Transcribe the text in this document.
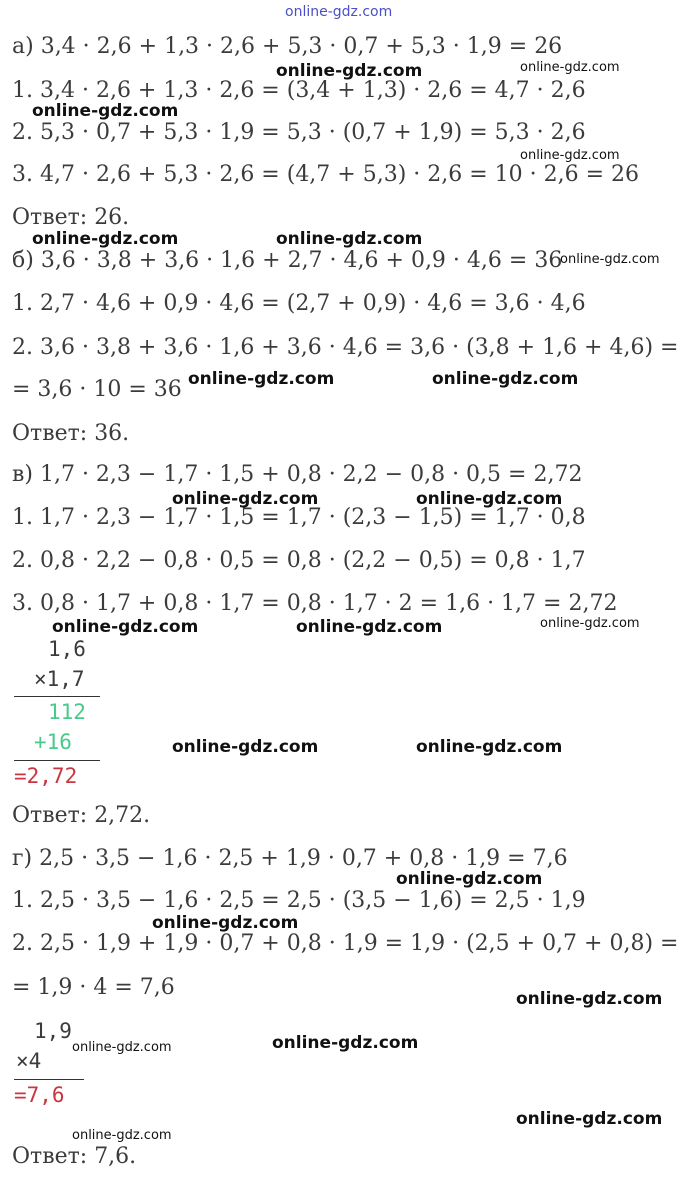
online-gdz.com
а) 3,4 · 2,6 + 1,3 · 2,6 + 5,3 · 0,7 + 5,3 · 1,9 = 26
1. 3,4 · 2,6 + 1,3 · 2,6 = (3,4 + 1,3) · 2,6 = 4,7 · 2,6
2. 5,3 · 0,7 + 5,3 · 1,9 = 5,3 · (0,7 + 1,9) = 5,3 · 2,6
3. 4,7 · 2,6 + 5,3 · 2,6 = (4,7 + 5,3) · 2,6 = 10 · 2,6 = 26
Ответ: 26.
б) 3,6 · 3,8 + 3,6 · 1,6 + 2,7 · 4,6 + 0,9 · 4,6 = 36
1. 2,7 · 4,6 + 0,9 · 4,6 = (2,7 + 0,9) · 4,6 = 3,6 · 4,6
2. 3,6 · 3,8 + 3,6 · 1,6 + 3,6 · 4,6 = 3,6 · (3,8 + 1,6 + 4,6) =
= 3,6 · 10 = 36
Ответ: 36.
в) 1,7 · 2,3 − 1,7 · 1,5 + 0,8 · 2,2 − 0,8 · 0,5 = 2,72
1. 1,7 · 2,3 − 1,7 · 1,5 = 1,7 · (2,3 − 1,5) = 1,7 · 0,8
2. 0,8 · 2,2 − 0,8 · 0,5 = 0,8 · (2,2 − 0,5) = 0,8 · 1,7
3. 0,8 · 1,7 + 0,8 · 1,7 = 0,8 · 1,7 · 2 = 1,6 · 1,7 = 2,72
1,6
×1,7
112
+16
=2,72
Ответ: 2,72.
г) 2,5 · 3,5 − 1,6 · 2,5 + 1,9 · 0,7 + 0,8 · 1,9 = 7,6
1. 2,5 · 3,5 − 1,6 · 2,5 = 2,5 · (3,5 − 1,6) = 2,5 · 1,9
2. 2,5 · 1,9 + 1,9 · 0,7 + 0,8 · 1,9 = 1,9 · (2,5 + 0,7 + 0,8) =
= 1,9 · 4 = 7,6
1,9
×4
=7,6
Ответ: 7,6.
online-gdz.com	online-gdz.com
online-gdz.com
online-gdz.com
online-gdz.com	online-gdz.com
online-gdz.com
online-gdz.com	online-gdz.com
online-gdz.com	online-gdz.com
online-gdz.com	online-gdz.com	online-gdz.com
online-gdz.com	online-gdz.com
online-gdz.com
online-gdz.com
online-gdz.com
online-gdz.com	online-gdz.com
online-gdz.com
online-gdz.com
